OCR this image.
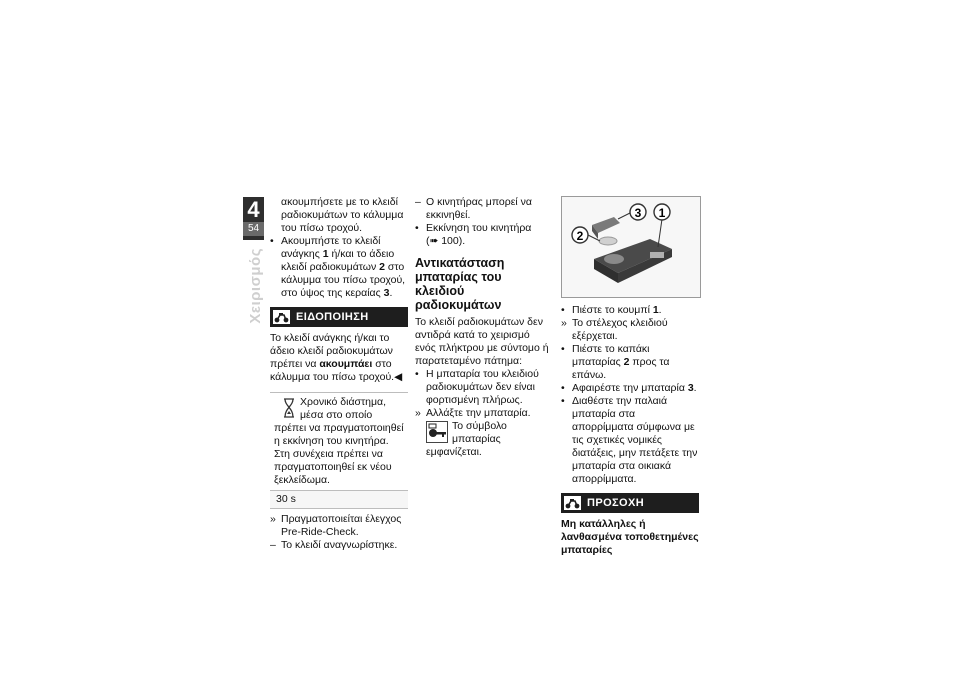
4
54
Χειρισμός
ακουμπήσετε με το κλειδί ραδιοκυμάτων το κάλυμμα του πίσω τροχού.
• Ακουμπήστε το κλειδί ανάγκης 1 ή/και το άδειο κλειδί ραδιοκυμάτων 2 στο κάλυμμα του πίσω τροχού, στο ύψος της κεραίας 3.
ΕΙΔΟΠΟΙΗΣΗ
Το κλειδί ανάγκης ή/και το άδειο κλειδί ραδιοκυμάτων πρέπει να ακουμπάει στο κάλυμμα του πίσω τροχού.◀
Χρονικό διάστημα, μέσα στο οποίο πρέπει να πραγματοποιηθεί η εκκίνηση του κινητήρα. Στη συνέχεια πρέπει να πραγματοποιηθεί εκ νέου ξεκλείδωμα.
30 s
» Πραγματοποιείται έλεγχος Pre-Ride-Check.
– Το κλειδί αναγνωρίστηκε.
– Ο κινητήρας μπορεί να εκκινηθεί.
• Εκκίνηση του κινητήρα
(➠ 100).
Αντικατάσταση μπαταρίας του κλειδιού ραδιοκυμάτων
Το κλειδί ραδιοκυμάτων δεν αντιδρά κατά το χειρισμό ενός πλήκτρου με σύντομο ή παρατεταμένο πάτημα:
• Η μπαταρία του κλειδιού ραδιοκυμάτων δεν είναι φορτισμένη πλήρως.
» Αλλάξτε την μπαταρία.
Το σύμβολο μπαταρίας εμφανίζεται.
3 1
2
• Πιέστε το κουμπί 1.
» Το στέλεχος κλειδιού εξέρχεται.
• Πιέστε το καπάκι μπαταρίας 2 προς τα επάνω.
• Αφαιρέστε την μπαταρία 3.
• Διαθέστε την παλαιά μπαταρία στα απορρίμματα σύμφωνα με τις σχετικές νομικές διατάξεις, μην πετάξετε την μπαταρία στα οικιακά απορρίμματα.
ΠΡΟΣΟΧΗ
Μη κατάλληλες ή λανθασμένα τοποθετημένες μπαταρίες
